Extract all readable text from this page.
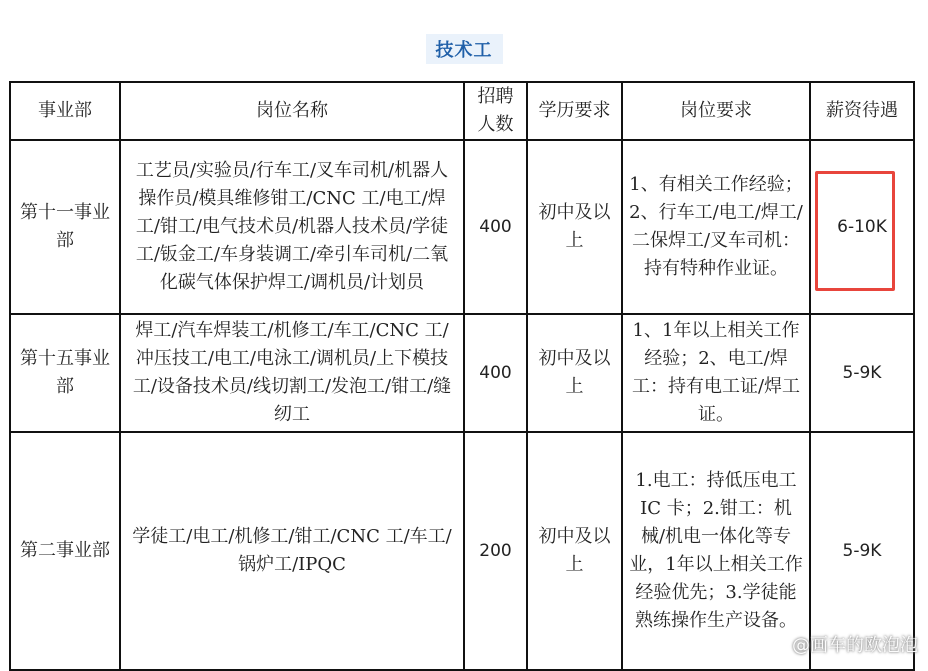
技术工
事业部	岗位名称	招聘人数	学历要求	岗位要求	薪资待遇
第十一事业部	工艺员/实验员/行车工/叉车司机/机器人操作员/模具维修钳工/CNC 工/电工/焊工/钳工/电气技术员/机器人技术员/学徒工/钣金工/车身装调工/牵引车司机/二氧化碳气体保护焊工/调机员/计划员	400	初中及以上	1、有相关工作经验；2、行车工/电工/焊工/二保焊工/叉车司机：持有特种作业证。	6-10K
第十五事业部	焊工/汽车焊装工/机修工/车工/CNC 工/冲压技工/电工/电泳工/调机员/上下模技工/设备技术员/线切割工/发泡工/钳工/缝纫工	400	初中及以上	1、1年以上相关工作经验；2、电工/焊工：持有电工证/焊工证。	5-9K
第二事业部	学徒工/电工/机修工/钳工/CNC 工/车工/锅炉工/IPQC	200	初中及以上	1.电工：持低压电工 IC 卡；2.钳工：机械/机电一体化等专业，1年以上相关工作经验优先；3.学徒能熟练操作生产设备。	5-9K
@画车的欧泡泡
